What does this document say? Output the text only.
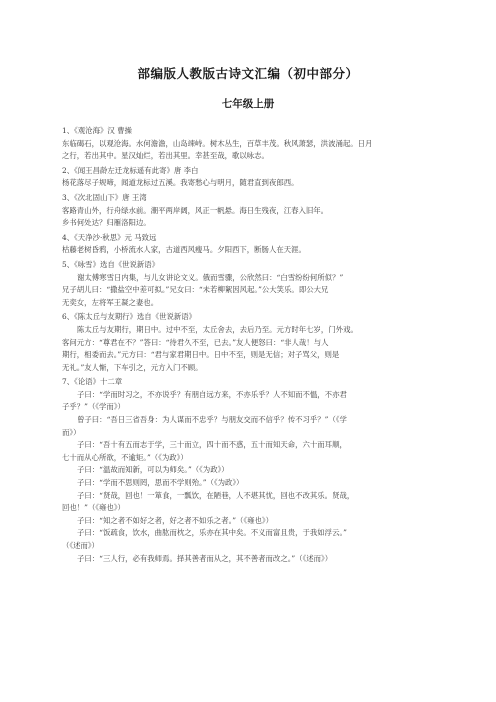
部编版人教版古诗文汇编（初中部分）
七年级上册

1、《观沧海》汉 曹操

东临碣石，以观沧海。水何澹澹，山岛竦峙。树木丛生，百草丰茂。秋风萧瑟，洪波涌起。日月

之行，若出其中。星汉灿烂，若出其里。幸甚至哉，歌以咏志。

2、《闻王昌龄左迁龙标遥有此寄》唐 李白

杨花落尽子规啼，闻道龙标过五溪。我寄愁心与明月，随君直到夜郎西。

3、《次北固山下》唐 王湾

客路青山外，行舟绿水前。潮平两岸阔，风正一帆悬。海日生残夜，江春入旧年。

乡书何处达？归雁洛阳边。

4、《天净沙·秋思》元 马致远

枯藤老树昏鸦，小桥流水人家，古道西风瘦马。夕阳西下，断肠人在天涯。

5、《咏雪》选自《世说新语》

谢太傅寒雪日内集，与儿女讲论文义。俄而雪骤，公欣然曰：“白雪纷纷何所似？”

兄子胡儿曰：“撒盐空中差可拟。”兄女曰：“未若柳絮因风起。”公大笑乐。即公大兄

无奕女，左将军王凝之妻也。

6、《陈太丘与友期行》选自《世说新语》

陈太丘与友期行，期日中。过中不至，太丘舍去，去后乃至。元方时年七岁，门外戏。

客问元方：“尊君在不？”答曰：“待君久不至，已去。”友人便怒曰：“非人哉！与人

期行，相委而去。”元方曰：“君与家君期日中。日中不至，则是无信；对子骂父，则是

无礼。”友人惭，下车引之，元方入门不顾。

7、《论语》十二章

子曰：“学而时习之，不亦说乎？有朋自远方来，不亦乐乎？人不知而不愠，不亦君

子乎？”（《学而》）

曾子曰：“吾日三省吾身：为人谋而不忠乎？与朋友交而不信乎？传不习乎？”（《学

而》）

子曰：“吾十有五而志于学，三十而立，四十而不惑，五十而知天命，六十而耳顺，

七十而从心所欲，不逾矩。”（《为政》）

子曰：“温故而知新，可以为师矣。”（《为政》）

子曰：“学而不思则罔，思而不学则殆。”（《为政》）

子曰：“贤哉，回也！一箪食，一瓢饮，在陋巷，人不堪其忧，回也不改其乐。贤哉，

回也！”（《雍也》）

子曰：“知之者不如好之者，好之者不如乐之者。”（《雍也》）

子曰：“饭疏食，饮水，曲肱而枕之，乐亦在其中矣。不义而富且贵，于我如浮云。”

（《述而》）

子曰：“三人行，必有我师焉。择其善者而从之，其不善者而改之。”（《述而》）
